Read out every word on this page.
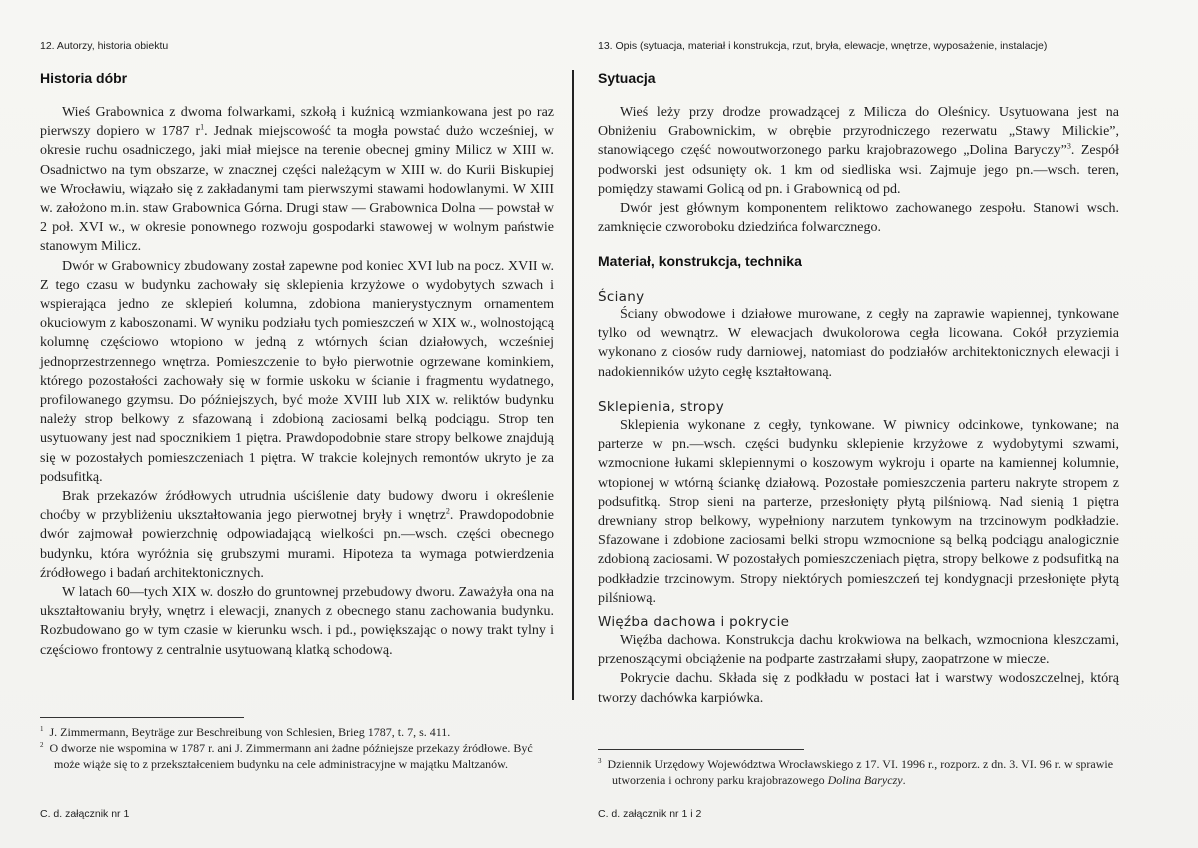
12. Autorzy, historia obiektu
Historia dóbr

Wieś Grabownica z dwoma folwarkami, szkołą i kuźnicą wzmiankowana jest po raz pierwszy dopiero w 1787 $r^1$. Jednak miejscowość ta mogła powstać dużo wcześniej, w okresie ruchu osadniczego, jaki miał miejsce na terenie obecnej gminy Milicz w XIII w. Osadnictwo na tym obszarze, w znacznej części należącym w XIII w. do Kurii Biskupiej we Wrocławiu, wiązało się z zakładanymi tam pierwszymi stawami hodowlanymi. W XIII w. założono m.in. staw Grabownica Górna. Drugi staw — Grabownica Dolna — powstał w 2 poł. XVI w., w okresie ponownego rozwoju gospodarki stawowej w wolnym państwie stanowym Milicz.

Dwór w Grabownicy zbudowany został zapewne pod koniec XVI lub na pocz. XVII w. Z tego czasu w budynku zachowały się sklepienia krzyżowe o wydobytych szwach i wspierająca jedno ze sklepień kolumna, zdobiona manierystycznym ornamentem okuciowym z kaboszonami. W wyniku podziału tych pomieszczeń w XIX w., wolnostojącą kolumnę częściowo wtopiono w jedną z wtórnych ścian działowych, wcześniej jednoprzestrzennego wnętrza. Pomieszczenie to było pierwotnie ogrzewane kominkiem, którego pozostałości zachowały się w formie uskoku w ścianie i fragmentu wydatnego, profilowanego gzymsu. Do późniejszych, być może XVIII lub XIX w. reliktów budynku należy strop belkowy z sfazowaną i zdobioną zaciosami belką podciągu. Strop ten usytuowany jest nad spocznikiem 1 piętra. Prawdopodobnie stare stropy belkowe znajdują się w pozostałych pomieszczeniach 1 piętra. W trakcie kolejnych remontów ukryto je za podsufitką.

Brak przekazów źródłowych utrudnia uściślenie daty budowy dworu i określenie choćby w przybliżeniu ukształtowania jego pierwotnej bryły i wnętrz$^2$. Prawdopodobnie dwór zajmował powierzchnię odpowiadającą wielkości pn.—wsch. części obecnego budynku, która wyróżnia się grubszymi murami. Hipoteza ta wymaga potwierdzenia źródłowego i badań architektonicznych.

W latach 60—tych XIX w. doszło do gruntownej przebudowy dworu. Zaważyła ona na ukształtowaniu bryły, wnętrz i elewacji, znanych z obecnego stanu zachowania budynku. Rozbudowano go w tym czasie w kierunku wsch. i pd., powiększając o nowy trakt tylny i częściowo frontowy z centralnie usytuowaną klatką schodową.

$^1$ J. Zimmermann, Beyträge zur Beschreibung von Schlesien, Brieg 1787, t. 7, s. 411.

$^2$ O dworze nie wspomina w 1787 r. ani J. Zimmermann ani żadne późniejsze przekazy źródłowe. Być może wiąże się to z przekształceniem budynku na cele administracyjne w majątku Maltzanów.

C. d. załącznik nr 1
13. Opis (sytuacja, materiał i konstrukcja, rzut, bryła, elewacje, wnętrze, wyposażenie, instalacje)
Sytuacja

Wieś leży przy drodze prowadzącej z Milicza do Oleśnicy. Usytuowana jest na Obniżeniu Grabownickim, w obrębie przyrodniczego rezerwatu „Stawy Milickie”, stanowiącego część nowoutworzonego parku krajobrazowego „Dolina Baryczy”$^3$. Zespół podworski jest odsunięty ok. 1 km od siedliska wsi. Zajmuje jego pn.—wsch. teren, pomiędzy stawami Golicą od pn. i Grabownicą od pd.

Dwór jest głównym komponentem reliktowo zachowanego zespołu. Stanowi wsch. zamknięcie czworoboku dziedzińca folwarcznego.

Materiał, konstrukcja, technika
Ściany

Ściany obwodowe i działowe murowane, z cegły na zaprawie wapiennej, tynkowane tylko od wewnątrz. W elewacjach dwukolorowa cegła licowana. Cokół przyziemia wykonano z ciosów rudy darniowej, natomiast do podziałów architektonicznych elewacji i nadokienników użyto cegłę kształtowaną.

Sklepienia, stropy

Sklepienia wykonane z cegły, tynkowane. W piwnicy odcinkowe, tynkowane; na parterze w pn.—wsch. części budynku sklepienie krzyżowe z wydobytymi szwami, wzmocnione łukami sklepiennymi o koszowym wykroju i oparte na kamiennej kolumnie, wtopionej w wtórną ściankę działową. Pozostałe pomieszczenia parteru nakryte stropem z podsufitką. Strop sieni na parterze, przesłonięty płytą pilśniową. Nad sienią 1 piętra drewniany strop belkowy, wypełniony narzutem tynkowym na trzcinowym podkładzie. Sfazowane i zdobione zaciosami belki stropu wzmocnione są belką podciągu analogicznie zdobioną zaciosami. W pozostałych pomieszczeniach piętra, stropy belkowe z podsufitką na podkładzie trzcinowym. Stropy niektórych pomieszczeń tej kondygnacji przesłonięte płytą pilśniową.

Więźba dachowa i pokrycie

Więźba dachowa. Konstrukcja dachu krokwiowa na belkach, wzmocniona kleszczami, przenoszącymi obciążenie na podparte zastrzałami słupy, zaopatrzone w miecze.

Pokrycie dachu. Składa się z podkładu w postaci łat i warstwy wodoszczelnej, którą tworzy dachówka karpiówka.

$^3$ Dziennik Urzędowy Województwa Wrocławskiego z 17. VI. 1996 r., rozporz. z dn. 3. VI. 96 r. w sprawie utworzenia i ochrony parku krajobrazowego Dolina Baryczy.

C. d. załącznik nr 1 i 2
